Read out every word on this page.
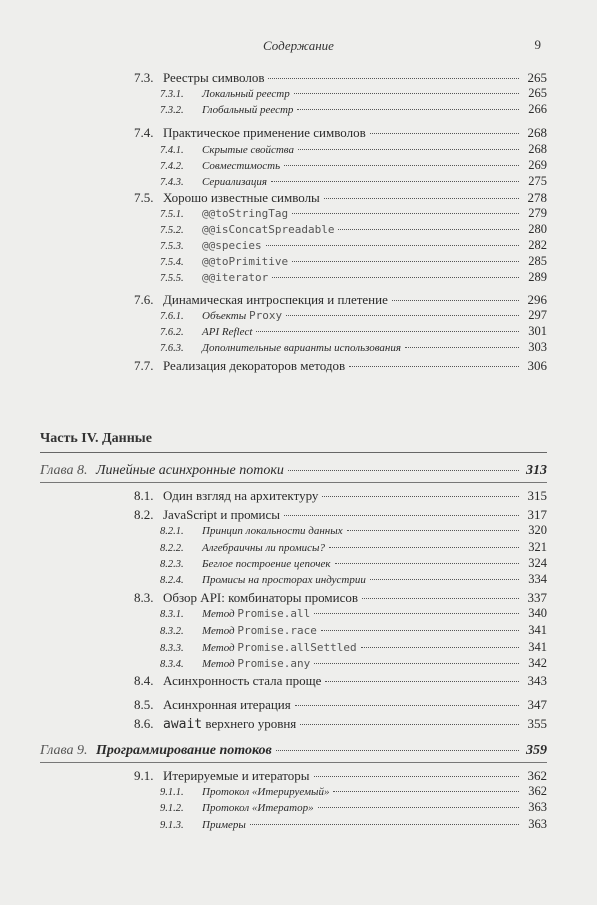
Содержание	9
Часть IV. Данные
7.3. Реестры символов	265
7.3.1.	Локальный реестр	265
7.3.2.	Глобальный реестр	266
7.4. Практическое применение символов	268
7.4.1.	Скрытые свойства	268
7.4.2.	Совместимость	269
7.4.3.	Сериализация	275
7.5. Хорошо известные символы	278
7.5.1.	@@toStringTag	279
7.5.2.	@@isConcatSpreadable	280
7.5.3.	@@species	282
7.5.4.	@@toPrimitive	285
7.5.5.	@@iterator	289
7.6. Динамическая интроспекция и плетение	296
7.6.1.	Объекты Proxy	297
7.6.2.	API Reflect	301
7.6.3.	Дополнительные варианты использования	303
7.7. Реализация декораторов методов	306
Глава 8. Линейные асинхронные потоки	313
8.1. Один взгляд на архитектуру	315
8.2. JavaScript и промисы	317
8.2.1.	Принцип локальности данных	320
8.2.2.	Алгебраичны ли промисы?	321
8.2.3.	Беглое построение цепочек	324
8.2.4.	Промисы на просторах индустрии	334
8.3. Обзор API: комбинаторы промисов	337
8.3.1.	Метод Promise.all	340
8.3.2.	Метод Promise.race	341
8.3.3.	Метод Promise.allSettled	341
8.3.4.	Метод Promise.any	342
8.4. Асинхронность стала проще	343
8.5. Асинхронная итерация	347
8.6. await верхнего уровня	355
Глава 9. Программирование потоков	359
9.1. Итерируемые и итераторы	362
9.1.1.	Протокол «Итерируемый»	362
9.1.2.	Протокол «Итератор»	363
9.1.3.	Примеры	363
